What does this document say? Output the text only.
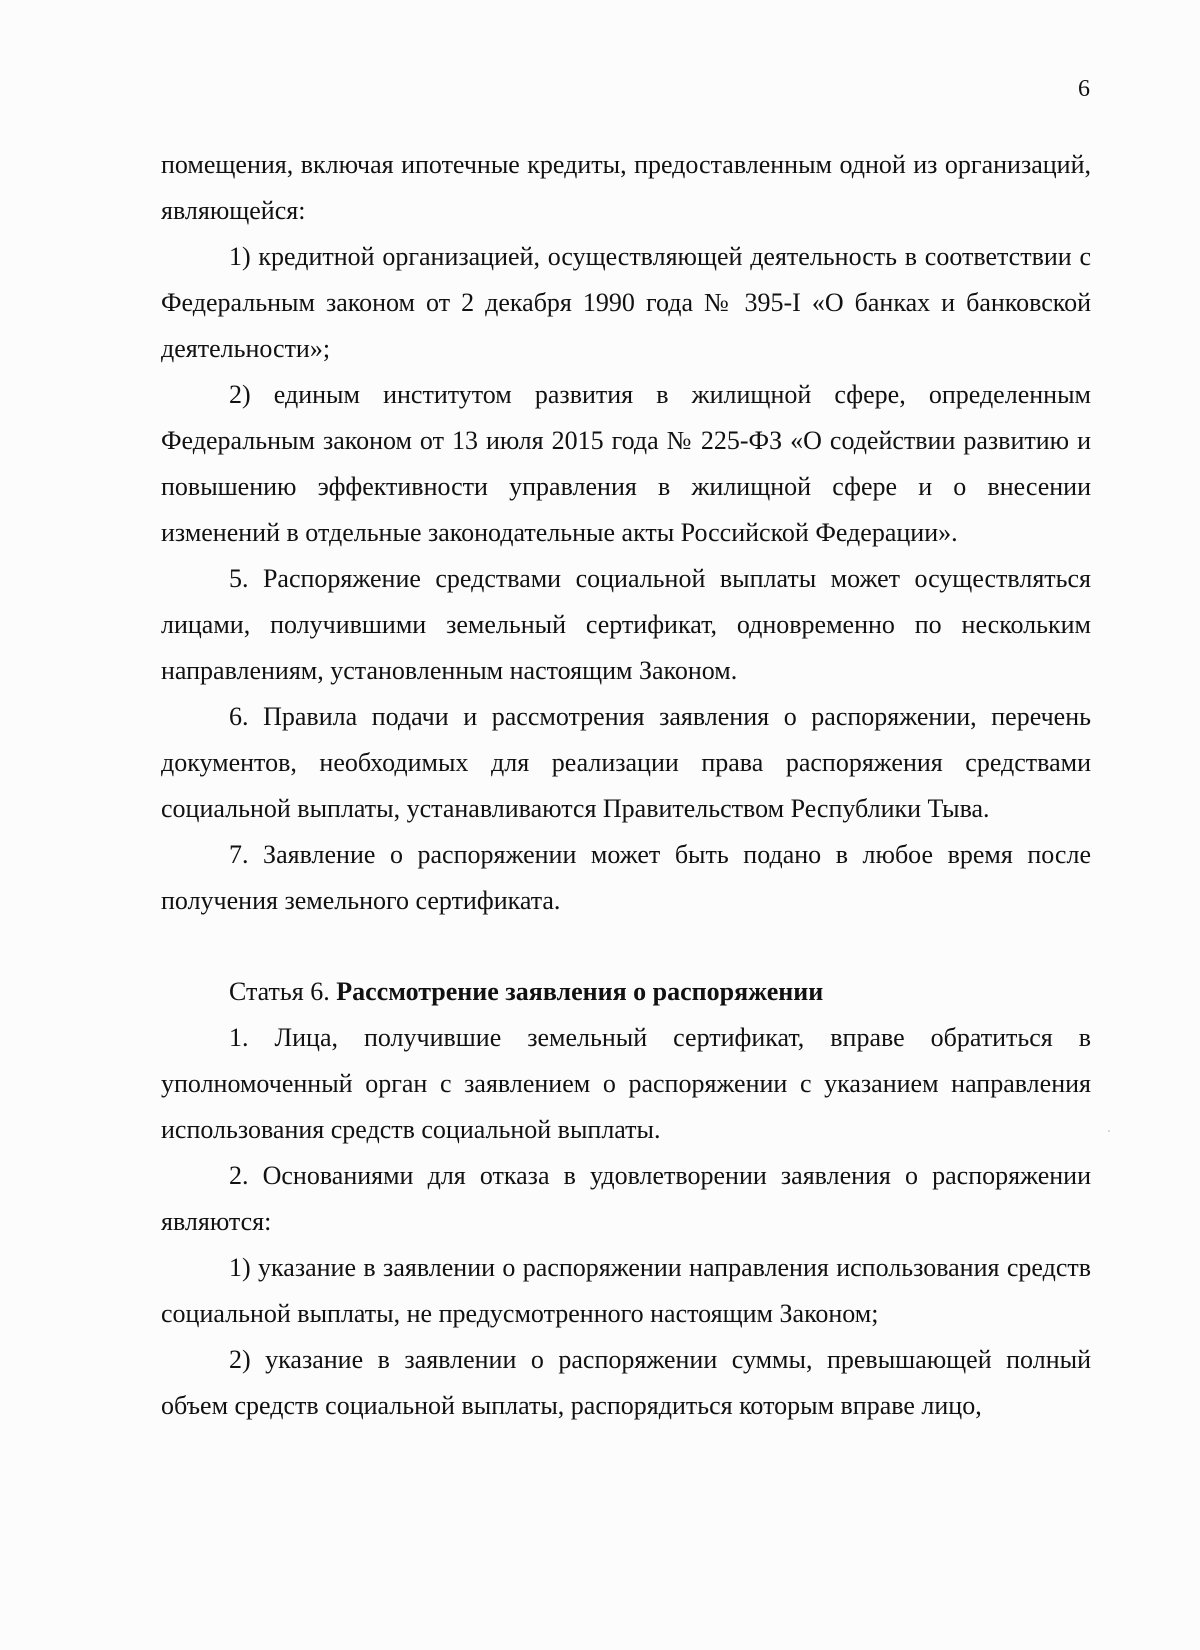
6

помещения, включая ипотечные кредиты, предоставленным одной из организаций, являющейся:

1) кредитной организацией, осуществляющей деятельность в соответствии с Федеральным законом от 2 декабря 1990 года № 395-I «О банках и банковской деятельности»;

2) единым институтом развития в жилищной сфере, определенным Федеральным законом от 13 июля 2015 года № 225-ФЗ «О содействии развитию и повышению эффективности управления в жилищной сфере и о внесении изменений в отдельные законодательные акты Российской Федерации».

5. Распоряжение средствами социальной выплаты может осуществляться лицами, получившими земельный сертификат, одновременно по нескольким направлениям, установленным настоящим Законом.

6. Правила подачи и рассмотрения заявления о распоряжении, перечень документов, необходимых для реализации права распоряжения средствами социальной выплаты, устанавливаются Правительством Республики Тыва.

7. Заявление о распоряжении может быть подано в любое время после получения земельного сертификата.

Статья 6. Рассмотрение заявления о распоряжении

1. Лица, получившие земельный сертификат, вправе обратиться в уполномоченный орган с заявлением о распоряжении с указанием направления использования средств социальной выплаты.

2. Основаниями для отказа в удовлетворении заявления о распоряжении являются:

1) указание в заявлении о распоряжении направления использования средств социальной выплаты, не предусмотренного настоящим Законом;

2) указание в заявлении о распоряжении суммы, превышающей полный объем средств социальной выплаты, распорядиться которым вправе лицо,
